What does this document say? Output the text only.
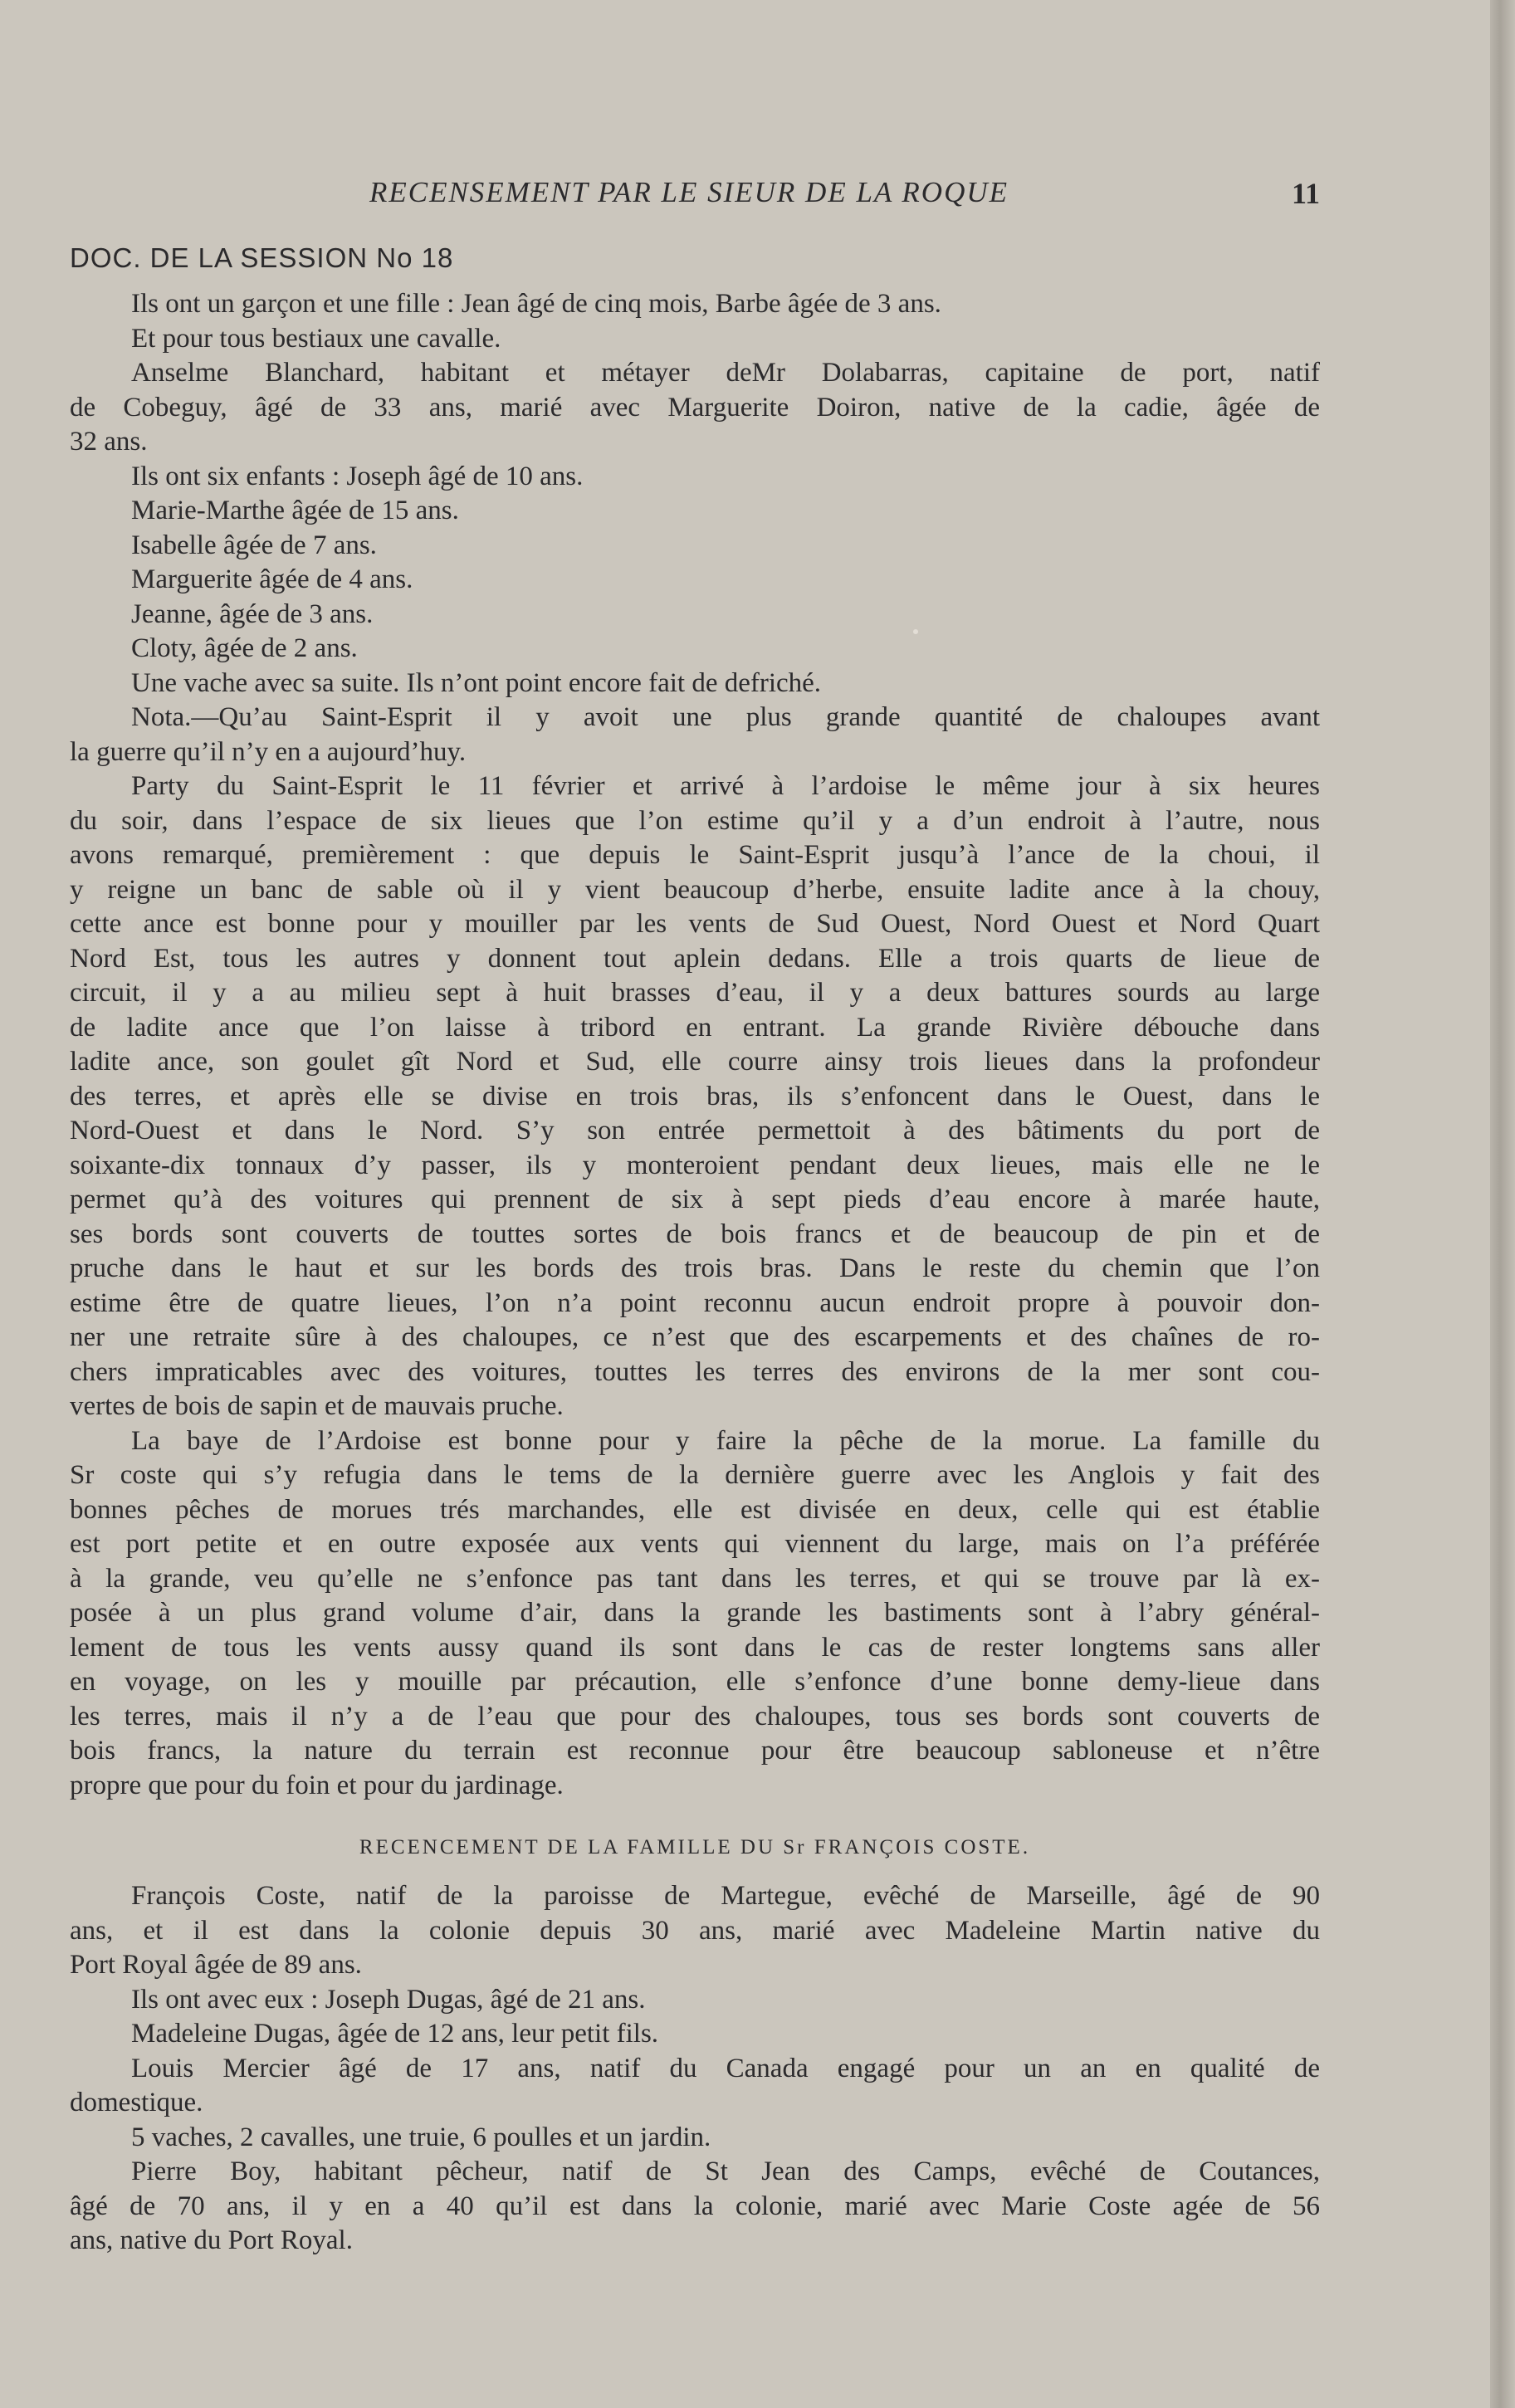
RECENSEMENT PAR LE SIEUR DE LA ROQUE	11
DOC. DE LA SESSION No 18
Ils ont un garçon et une fille : Jean âgé de cinq mois, Barbe âgée de 3 ans.
Et pour tous bestiaux une cavalle.
Anselme Blanchard, habitant et métayer deMr Dolabarras, capitaine de port, natif
de Cobeguy, âgé de 33 ans, marié avec Marguerite Doiron, native de la cadie, âgée de
32 ans.
Ils ont six enfants : Joseph âgé de 10 ans.
Marie-Marthe âgée de 15 ans.
Isabelle âgée de 7 ans.
Marguerite âgée de 4 ans.
Jeanne, âgée de 3 ans.
Cloty, âgée de 2 ans.
Une vache avec sa suite. Ils n’ont point encore fait de defriché.
Nota.—Qu’au Saint-Esprit il y avoit une plus grande quantité de chaloupes avant
la guerre qu’il n’y en a aujourd’huy.
Party du Saint-Esprit le 11 février et arrivé à l’ardoise le même jour à six heures
du soir, dans l’espace de six lieues que l’on estime qu’il y a d’un endroit à l’autre, nous
avons remarqué, premièrement : que depuis le Saint-Esprit jusqu’à l’ance de la choui, il
y reigne un banc de sable où il y vient beaucoup d’herbe, ensuite ladite ance à la chouy,
cette ance est bonne pour y mouiller par les vents de Sud Ouest, Nord Ouest et Nord Quart
Nord Est, tous les autres y donnent tout aplein dedans. Elle a trois quarts de lieue de
circuit, il y a au milieu sept à huit brasses d’eau, il y a deux battures sourds au large
de ladite ance que l’on laisse à tribord en entrant. La grande Rivière débouche dans
ladite ance, son goulet gît Nord et Sud, elle courre ainsy trois lieues dans la profondeur
des terres, et après elle se divise en trois bras, ils s’enfoncent dans le Ouest, dans le
Nord-Ouest et dans le Nord. S’y son entrée permettoit à des bâtiments du port de
soixante-dix tonnaux d’y passer, ils y monteroient pendant deux lieues, mais elle ne le
permet qu’à des voitures qui prennent de six à sept pieds d’eau encore à marée haute,
ses bords sont couverts de touttes sortes de bois francs et de beaucoup de pin et de
pruche dans le haut et sur les bords des trois bras. Dans le reste du chemin que l’on
estime être de quatre lieues, l’on n’a point reconnu aucun endroit propre à pouvoir don-
ner une retraite sûre à des chaloupes, ce n’est que des escarpements et des chaînes de ro-
chers impraticables avec des voitures, touttes les terres des environs de la mer sont cou-
vertes de bois de sapin et de mauvais pruche.
La baye de l’Ardoise est bonne pour y faire la pêche de la morue. La famille du
Sr coste qui s’y refugia dans le tems de la dernière guerre avec les Anglois y fait des
bonnes pêches de morues trés marchandes, elle est divisée en deux, celle qui est établie
est port petite et en outre exposée aux vents qui viennent du large, mais on l’a préférée
à la grande, veu qu’elle ne s’enfonce pas tant dans les terres, et qui se trouve par là ex-
posée à un plus grand volume d’air, dans la grande les bastiments sont à l’abry général-
lement de tous les vents aussy quand ils sont dans le cas de rester longtems sans aller
en voyage, on les y mouille par précaution, elle s’enfonce d’une bonne demy-lieue dans
les terres, mais il n’y a de l’eau que pour des chaloupes, tous ses bords sont couverts de
bois francs, la nature du terrain est reconnue pour être beaucoup sabloneuse et n’être
propre que pour du foin et pour du jardinage.
RECENCEMENT DE LA FAMILLE DU Sr FRANÇOIS COSTE.
François Coste, natif de la paroisse de Martegue, evêché de Marseille, âgé de 90
ans, et il est dans la colonie depuis 30 ans, marié avec Madeleine Martin native du
Port Royal âgée de 89 ans.
Ils ont avec eux : Joseph Dugas, âgé de 21 ans.
Madeleine Dugas, âgée de 12 ans, leur petit fils.
Louis Mercier âgé de 17 ans, natif du Canada engagé pour un an en qualité de
domestique.
5 vaches, 2 cavalles, une truie, 6 poulles et un jardin.
Pierre Boy, habitant pêcheur, natif de St Jean des Camps, evêché de Coutances,
âgé de 70 ans, il y en a 40 qu’il est dans la colonie, marié avec Marie Coste agée de 56
ans, native du Port Royal.
